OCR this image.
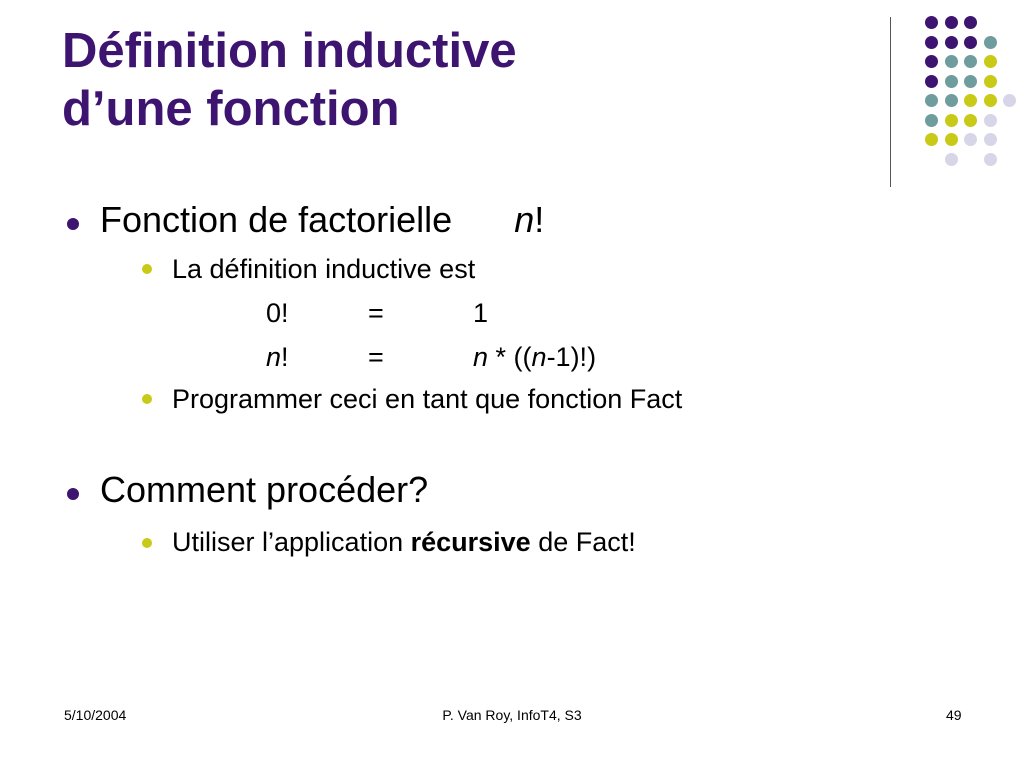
Définition inductive
d’une fonction
Fonction de factorielle n!
La définition inductive est
0!	=	1
n!	=	n * ((n-1)!)
Programmer ceci en tant que fonction Fact
Comment procéder?
Utiliser l’application récursive de Fact!
5/10/2004	P. Van Roy, InfoT4, S3	49
